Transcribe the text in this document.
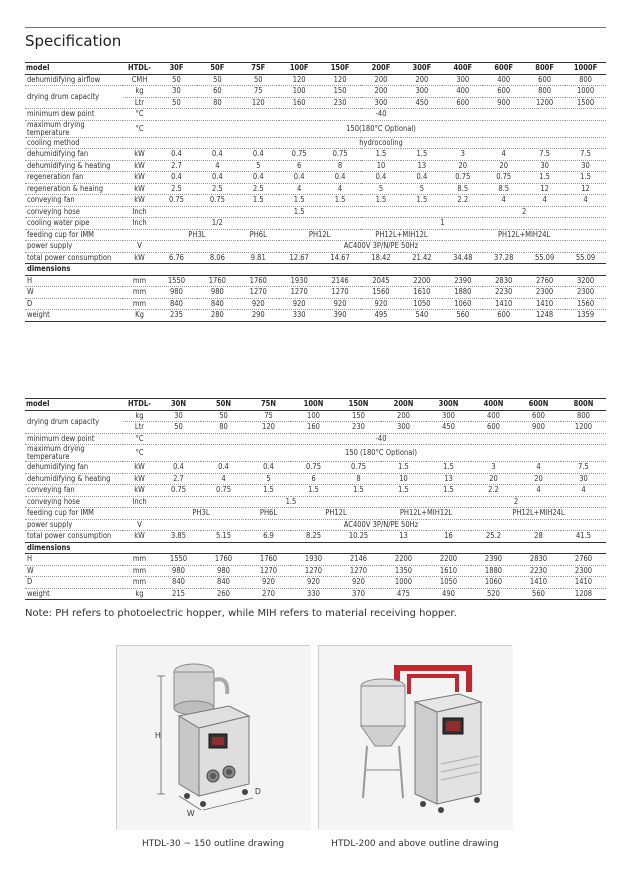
Specification
model	HTDL-	30F	50F	75F	100F	150F	200F	300F	400F	600F	800F	1000F
dehumidifying airflow	CMH	50	50	50	120	120	200	200	300	400	600	800
drying drum capacity	kg	30	60	75	100	150	200	300	400	600	800	1000
	Ltr	50	80	120	160	230	300	450	600	900	1200	1500
minimum dew point	°C	-40										
maximum drying temperature	°C	150(180°C Optional)										
cooling method		hydrocooling										
dehumidifying fan	kW	0.4	0.4	0.4	0.75	0.75	1.5	1.5	3	4	7.5	7.5
dehumidifying & heating	kW	2.7	4	5	6	8	10	13	20	20	30	30
regeneration fan	kW	0.4	0.4	0.4	0.4	0.4	0.4	0.4	0.75	0.75	1.5	1.5
regeneration & heaing	kW	2.5	2.5	2.5	4	4	5	5	8.5	8.5	12	12
conveying fan	kW	0.75	0.75	1.5	1.5	1.5	1.5	1.5	2.2	4	4	4
conveying hose	Inch	1.5							2			
cooling water pipe	Inch	1/2			1							
feeding cup for IMM		PH3L		PH6L	PH12L		PH12L+MIH12L		PH12L+MIH24L			
power supply	V	AC400V 3P/N/PE 50Hz										
total power consumption	kW	6.76	8.06	9.81	12.67	14.67	18.42	21.42	34.48	37.28	55.09	55.09
dimensions												
H	mm	1550	1760	1760	1930	2146	2045	2200	2390	2830	2760	3200
W	mm	980	980	1270	1270	1270	1560	1610	1880	2230	2300	2300
D	mm	840	840	920	920	920	920	1050	1060	1410	1410	1560
weight	Kg	235	280	290	330	390	495	540	560	600	1248	1359
model	HTDL-	30N	50N	75N	100N	150N	200N	300N	400N	600N	800N
drying drum capacity	kg	30	50	75	100	150	200	300	400	600	800
	Ltr	50	80	120	160	230	300	450	600	900	1200
minimum dew point	°C	-40									
maximum drying temperature	°C	150 (180°C Optional)									
dehumidifying fan	kW	0.4	0.4	0.4	0.75	0.75	1.5	1.5	3	4	7.5
dehumidifying & heating	kW	2.7	4	5	6	8	10	13	20	20	30
conveying fan	kW	0.75	0.75	1.5	1.5	1.5	1.5	1.5	2.2	4	4
conveying hose	Inch	1.5						2			
feeding cup for IMM		PH3L		PH6L	PH12L		PH12L+MIH12L		PH12L+MIH24L		
power supply	V	AC400V 3P/N/PE 50Hz									
total power consumption	kW	3.85	5.15	6.9	8.25	10.25	13	16	25.2	28	41.5
dimensions											
H	mm	1550	1760	1760	1930	2146	2200	2200	2390	2830	2760
W	mm	980	980	1270	1270	1270	1350	1610	1880	2230	2300
D	mm	840	840	920	920	920	1000	1050	1060	1410	1410
weight	kg	215	260	270	330	370	475	490	520	560	1208
Note: PH refers to photoelectric hopper, while MIH refers to material receiving hopper.
H
W
D
HTDL-30 ~ 150 outline drawing	HTDL-200 and above outline drawing
